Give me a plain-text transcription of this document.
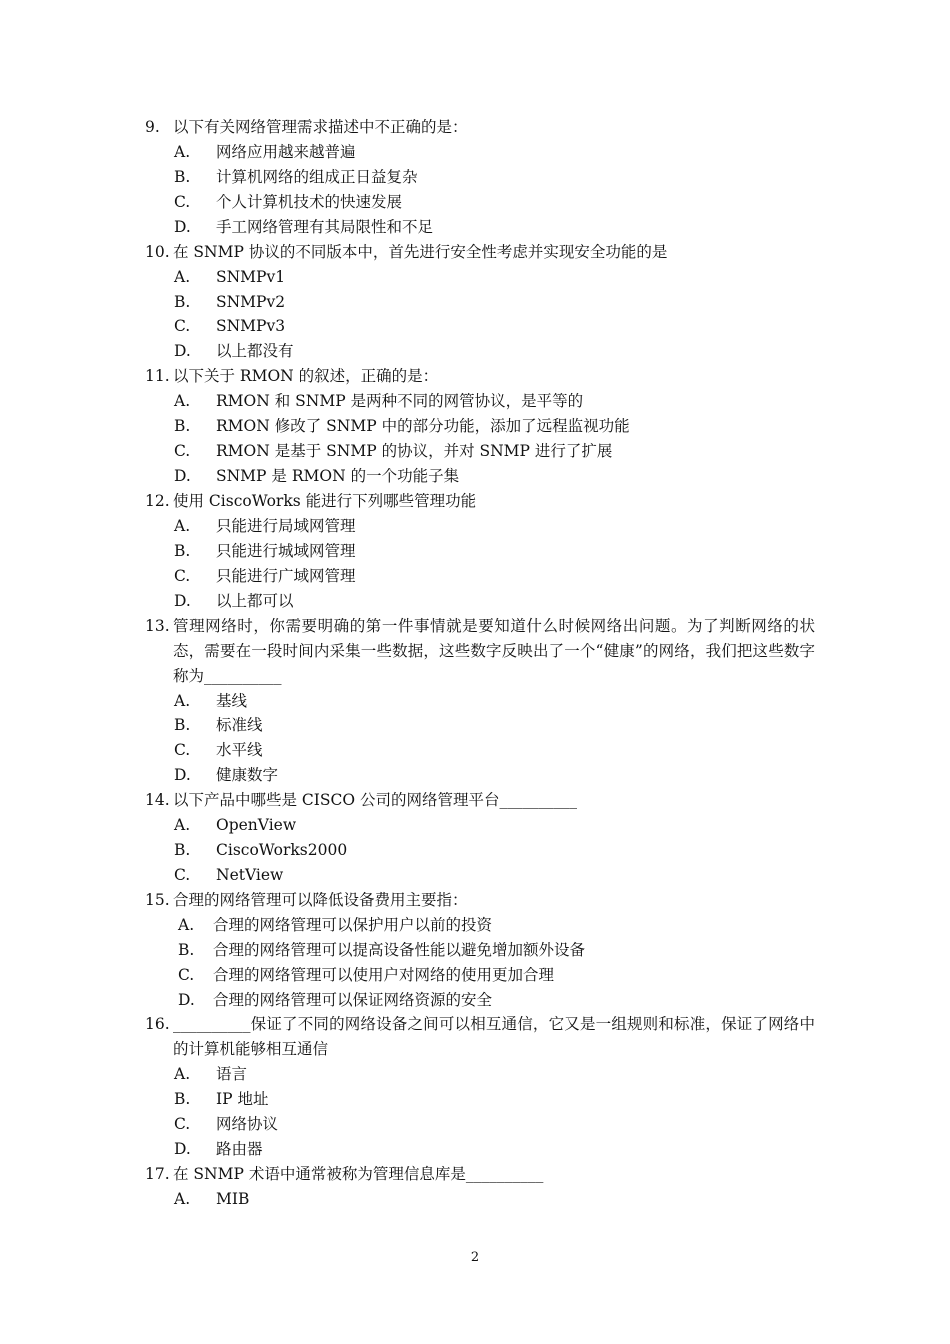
9. 以下有关网络管理需求描述中不正确的是：
A.	网络应用越来越普遍
B.	计算机网络的组成正日益复杂
C.	个人计算机技术的快速发展
D.	手工网络管理有其局限性和不足
10. 在 SNMP 协议的不同版本中，首先进行安全性考虑并实现安全功能的是
A.	SNMPv1
B.	SNMPv2
C.	SNMPv3
D.	以上都没有
11. 以下关于 RMON 的叙述，正确的是：
A.	RMON 和 SNMP 是两种不同的网管协议，是平等的
B.	RMON 修改了 SNMP 中的部分功能，添加了远程监视功能
C.	RMON 是基于 SNMP 的协议，并对 SNMP 进行了扩展
D.	SNMP 是 RMON 的一个功能子集
12. 使用 CiscoWorks 能进行下列哪些管理功能
A.	只能进行局域网管理
B.	只能进行城域网管理
C.	只能进行广域网管理
D.	以上都可以
13. 管理网络时，你需要明确的第一件事情就是要知道什么时候网络出问题。为了判断网络的状态，需要在一段时间内采集一些数据，这些数字反映出了一个“健康”的网络，我们把这些数字称为__________
A.	基线
B.	标准线
C.	水平线
D.	健康数字
14. 以下产品中哪些是 CISCO 公司的网络管理平台__________
A.	OpenView
B.	CiscoWorks2000
C.	NetView
15. 合理的网络管理可以降低设备费用主要指：
A.	合理的网络管理可以保护用户以前的投资
B.	合理的网络管理可以提高设备性能以避免增加额外设备
C.	合理的网络管理可以使用户对网络的使用更加合理
D.	合理的网络管理可以保证网络资源的安全
16. __________保证了不同的网络设备之间可以相互通信，它又是一组规则和标准，保证了网络中的计算机能够相互通信
A.	语言
B.	IP 地址
C.	网络协议
D.	路由器
17. 在 SNMP 术语中通常被称为管理信息库是__________
A.	MIB
2
